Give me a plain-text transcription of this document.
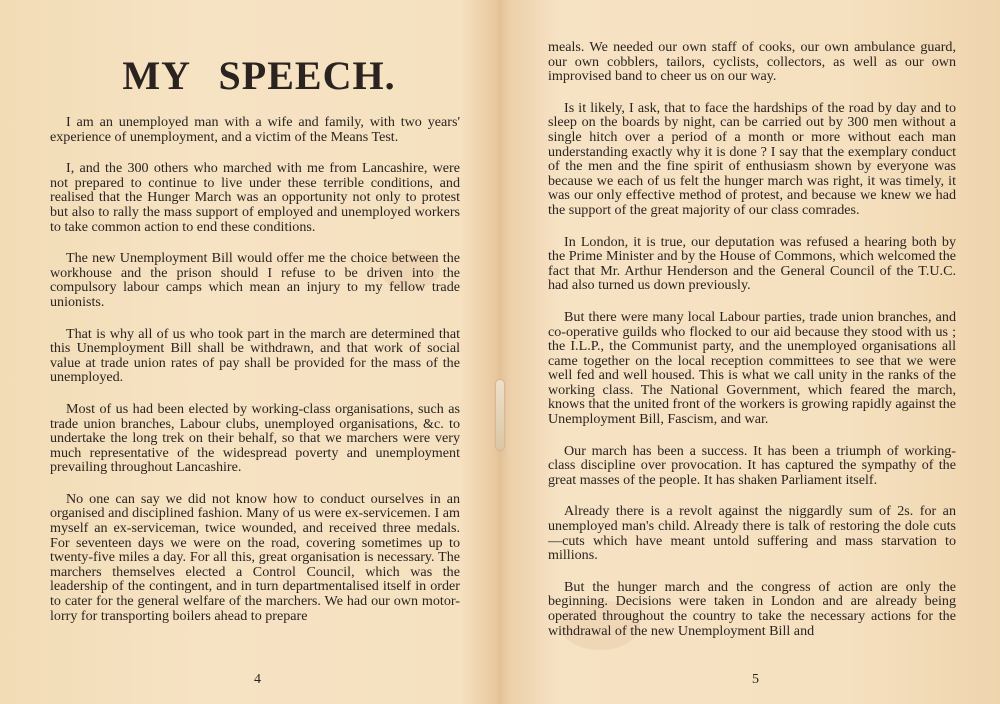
MY SPEECH.

I am an unemployed man with a wife and family, with two years' experience of unemployment, and a victim of the Means Test.

I, and the 300 others who marched with me from Lancashire, were not prepared to continue to live under these terrible conditions, and realised that the Hunger March was an opportunity not only to protest but also to rally the mass support of employed and unemployed workers to take common action to end these conditions.

The new Unemployment Bill would offer me the choice between the workhouse and the prison should I refuse to be driven into the compulsory labour camps which mean an injury to my fellow trade unionists.

That is why all of us who took part in the march are determined that this Unemployment Bill shall be withdrawn, and that work of social value at trade union rates of pay shall be provided for the mass of the unemployed.

Most of us had been elected by working-class organisations, such as trade union branches, Labour clubs, unemployed organisations, &c. to undertake the long trek on their behalf, so that we marchers were very much representative of the widespread poverty and unemployment prevailing throughout Lancashire.

No one can say we did not know how to conduct ourselves in an organised and disciplined fashion. Many of us were ex-servicemen. I am myself an ex-serviceman, twice wounded, and received three medals. For seventeen days we were on the road, covering sometimes up to twenty-five miles a day. For all this, great organisation is necessary. The marchers themselves elected a Control Council, which was the leadership of the contingent, and in turn departmentalised itself in order to cater for the general welfare of the marchers. We had our own motor-lorry for transporting boilers ahead to prepare

4

meals. We needed our own staff of cooks, our own ambulance guard, our own cobblers, tailors, cyclists, collectors, as well as our own improvised band to cheer us on our way.

Is it likely, I ask, that to face the hardships of the road by day and to sleep on the boards by night, can be carried out by 300 men without a single hitch over a period of a month or more without each man understanding exactly why it is done ? I say that the exemplary conduct of the men and the fine spirit of enthusiasm shown by everyone was because we each of us felt the hunger march was right, it was timely, it was our only effective method of protest, and because we knew we had the support of the great majority of our class comrades.

In London, it is true, our deputation was refused a hearing both by the Prime Minister and by the House of Commons, which welcomed the fact that Mr. Arthur Henderson and the General Council of the T.U.C. had also turned us down previously.

But there were many local Labour parties, trade union branches, and co-operative guilds who flocked to our aid because they stood with us ; the I.L.P., the Communist party, and the unemployed organisations all came together on the local reception committees to see that we were well fed and well housed. This is what we call unity in the ranks of the working class. The National Government, which feared the march, knows that the united front of the workers is growing rapidly against the Unemployment Bill, Fascism, and war.

Our march has been a success. It has been a triumph of working-class discipline over provocation. It has captured the sympathy of the great masses of the people. It has shaken Parliament itself.

Already there is a revolt against the niggardly sum of 2s. for an unemployed man's child. Already there is talk of restoring the dole cuts—cuts which have meant untold suffering and mass starvation to millions.

But the hunger march and the congress of action are only the beginning. Decisions were taken in London and are already being operated throughout the country to take the necessary actions for the withdrawal of the new Unemployment Bill and

5
